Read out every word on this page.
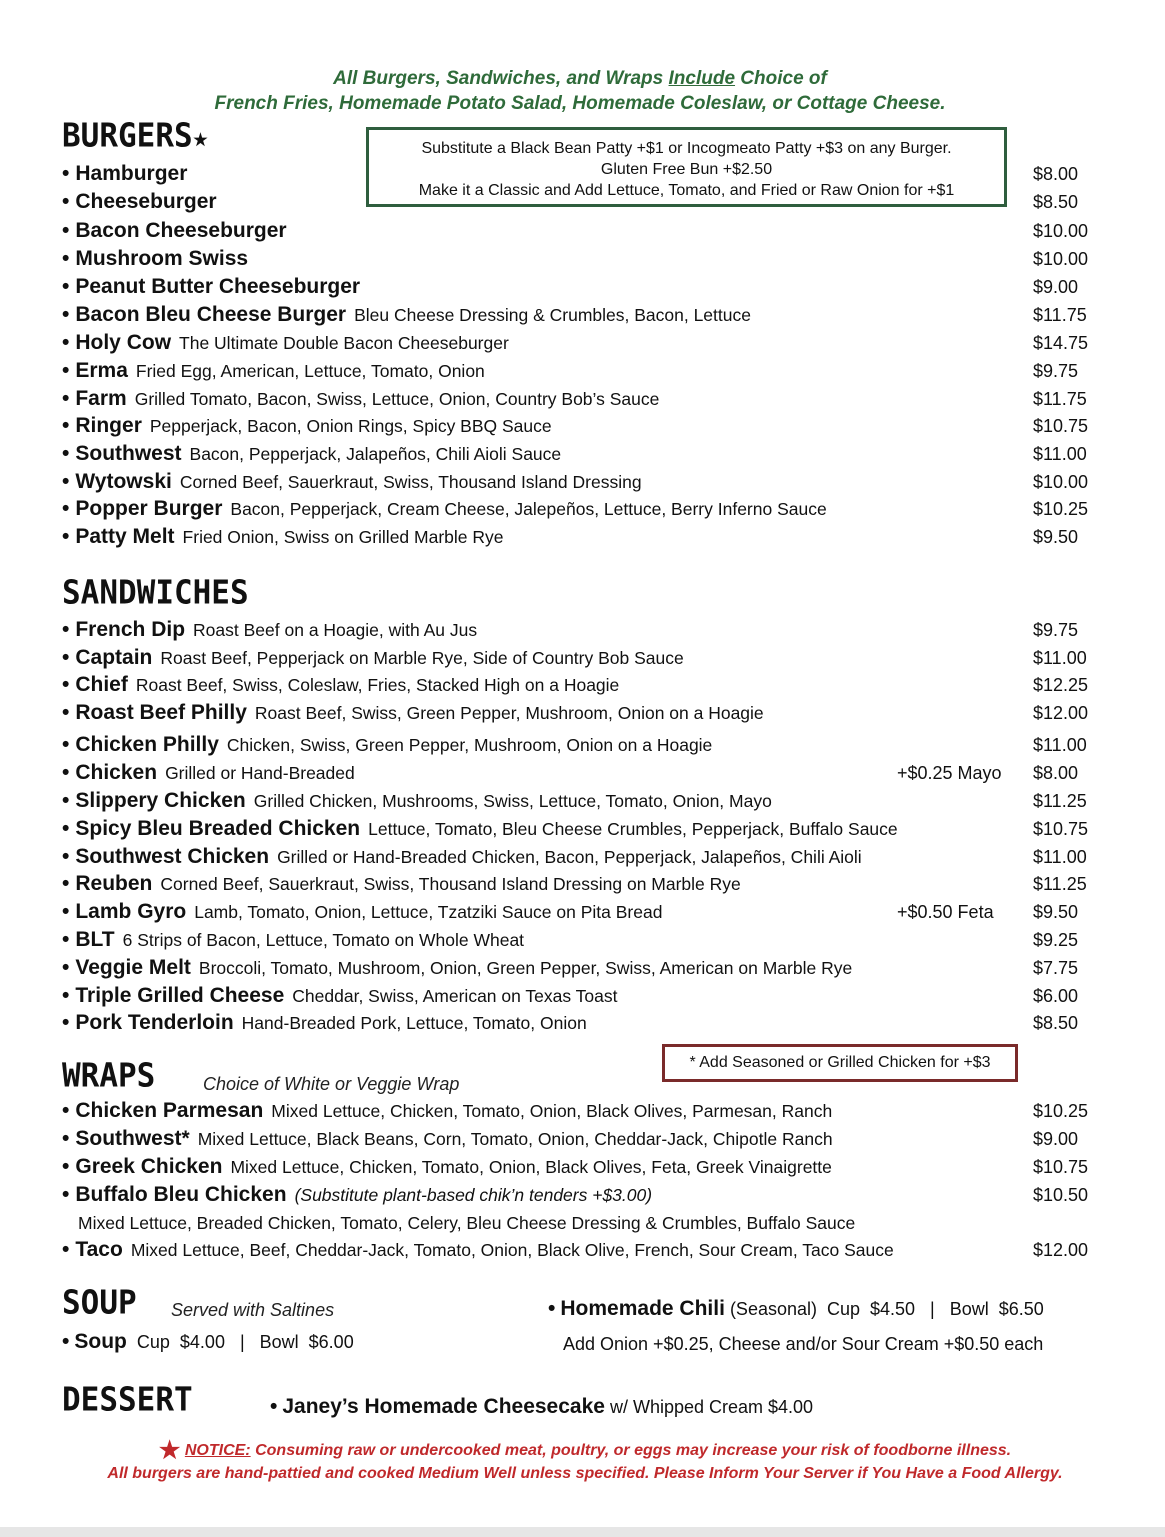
All Burgers, Sandwiches, and Wraps Include Choice of
French Fries, Homemade Potato Salad, Homemade Coleslaw, or Cottage Cheese.
BURGERS★	Substitute a Black Bean Patty +$1 or Incogmeato Patty +$3 on any Burger.
Gluten Free Bun +$2.50
Make it a Classic and Add Lettuce, Tomato, and Fried or Raw Onion for +$1
• Hamburger	$8.00
• Cheeseburger	$8.50
• Bacon Cheeseburger	$10.00
• Mushroom Swiss	$10.00
• Peanut Butter Cheeseburger	$9.00
• Bacon Bleu Cheese Burger Bleu Cheese Dressing & Crumbles, Bacon, Lettuce	$11.75
• Holy Cow The Ultimate Double Bacon Cheeseburger	$14.75
• Erma Fried Egg, American, Lettuce, Tomato, Onion	$9.75
• Farm Grilled Tomato, Bacon, Swiss, Lettuce, Onion, Country Bob’s Sauce	$11.75
• Ringer Pepperjack, Bacon, Onion Rings, Spicy BBQ Sauce	$10.75
• Southwest Bacon, Pepperjack, Jalapeños, Chili Aioli Sauce	$11.00
• Wytowski Corned Beef, Sauerkraut, Swiss, Thousand Island Dressing	$10.00
• Popper Burger Bacon, Pepperjack, Cream Cheese, Jalepeños, Lettuce, Berry Inferno Sauce	$10.25
• Patty Melt Fried Onion, Swiss on Grilled Marble Rye	$9.50
SANDWICHES
• French Dip Roast Beef on a Hoagie, with Au Jus	$9.75
• Captain Roast Beef, Pepperjack on Marble Rye, Side of Country Bob Sauce	$11.00
• Chief Roast Beef, Swiss, Coleslaw, Fries, Stacked High on a Hoagie	$12.25
• Roast Beef Philly Roast Beef, Swiss, Green Pepper, Mushroom, Onion on a Hoagie	$12.00
• Chicken Philly Chicken, Swiss, Green Pepper, Mushroom, Onion on a Hoagie	$11.00
• Chicken Grilled or Hand-Breaded	$8.00
+$0.25 Mayo
• Slippery Chicken Grilled Chicken, Mushrooms, Swiss, Lettuce, Tomato, Onion, Mayo	$11.25
• Spicy Bleu Breaded Chicken Lettuce, Tomato, Bleu Cheese Crumbles, Pepperjack, Buffalo Sauce	$10.75
• Southwest Chicken Grilled or Hand-Breaded Chicken, Bacon, Pepperjack, Jalapeños, Chili Aioli	$11.00
• Reuben Corned Beef, Sauerkraut, Swiss, Thousand Island Dressing on Marble Rye	$11.25
• Lamb Gyro Lamb, Tomato, Onion, Lettuce, Tzatziki Sauce on Pita Bread	$9.50
+$0.50 Feta
• BLT 6 Strips of Bacon, Lettuce, Tomato on Whole Wheat	$9.25
• Veggie Melt Broccoli, Tomato, Mushroom, Onion, Green Pepper, Swiss, American on Marble Rye	$7.75
• Triple Grilled Cheese Cheddar, Swiss, American on Texas Toast	$6.00
• Pork Tenderloin Hand-Breaded Pork, Lettuce, Tomato, Onion	$8.50
WRAPS	Choice of White or Veggie Wrap
* Add Seasoned or Grilled Chicken for +$3
• Chicken Parmesan Mixed Lettuce, Chicken, Tomato, Onion, Black Olives, Parmesan, Ranch	$10.25
• Southwest* Mixed Lettuce, Black Beans, Corn, Tomato, Onion, Cheddar-Jack, Chipotle Ranch	$9.00
• Greek Chicken Mixed Lettuce, Chicken, Tomato, Onion, Black Olives, Feta, Greek Vinaigrette	$10.75
• Buffalo Bleu Chicken (Substitute plant-based chik’n tenders +$3.00)	$10.50
Mixed Lettuce, Breaded Chicken, Tomato, Celery, Bleu Cheese Dressing & Crumbles, Buffalo Sauce
• Taco Mixed Lettuce, Beef, Cheddar-Jack, Tomato, Onion, Black Olive, French, Sour Cream, Taco Sauce	$12.00
SOUP Served with Saltines
• Soup Cup  $4.00   |   Bowl  $6.00
• Homemade Chili (Seasonal)  Cup  $4.50   |   Bowl  $6.50
Add Onion +$0.25, Cheese and/or Sour Cream +$0.50 each
DESSERT	• Janey’s Homemade Cheesecake w/ Whipped Cream $4.00
★ NOTICE: Consuming raw or undercooked meat, poultry, or eggs may increase your risk of foodborne illness.
All burgers are hand-pattied and cooked Medium Well unless specified. Please Inform Your Server if You Have a Food Allergy.
